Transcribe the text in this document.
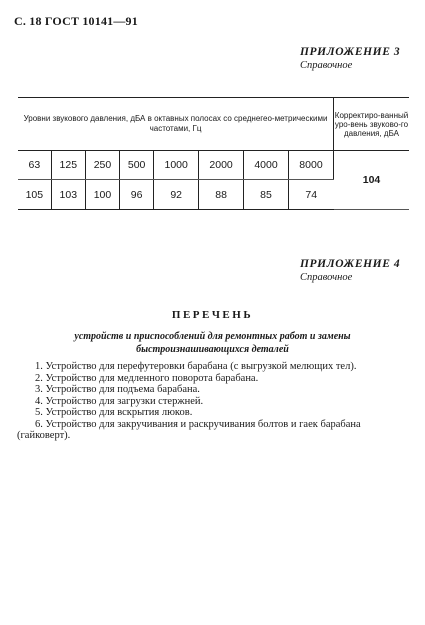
С. 18 ГОСТ 10141—91
ПРИЛОЖЕНИЕ 3
Справочное
Уровни звукового давления, дБА в октавных полосах со среднегео-метрическими частотами, Гц								Корректиро-ванный уро-вень звуково-го давления, дБА
63	125	250	500	1000	2000	4000	8000	104
105	103	100	96	92	88	85	74	
ПРИЛОЖЕНИЕ 4
Справочное
ПЕРЕЧЕНЬ
устройств и приспособлений для ремонтных работ и замены
быстроизнашивающихся деталей
1. Устройство для перефутеровки барабана (с выгрузкой мелющих тел).
2. Устройство для медленного поворота барабана.
3. Устройство для подъема барабана.
4. Устройство для загрузки стержней.
5. Устройство для вскрытия люков.
6. Устройство для закручивания и раскручивания болтов и гаек барабана (гайковерт).
